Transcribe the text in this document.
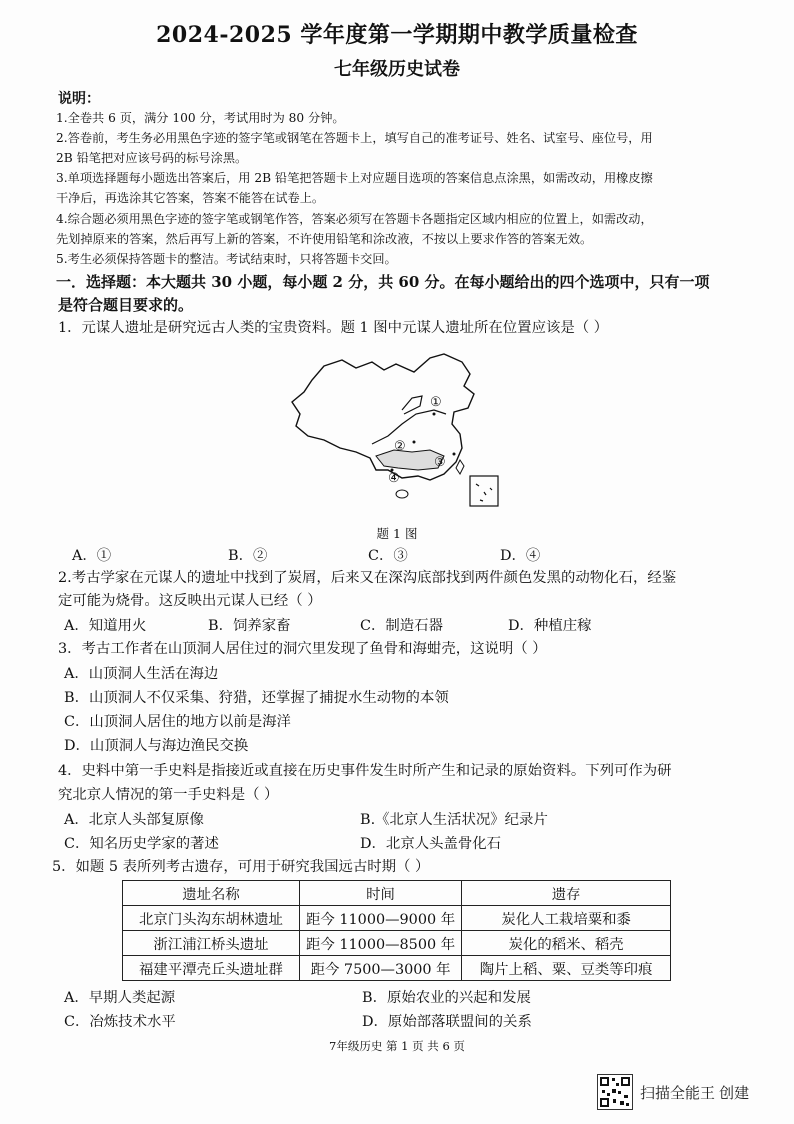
2024-2025 学年度第一学期期中教学质量检查
七年级历史试卷
说明：
1.全卷共 6 页，满分 100 分，考试用时为 80 分钟。
2.答卷前，考生务必用黑色字迹的签字笔或钢笔在答题卡上，填写自己的准考证号、姓名、试室号、座位号，用
2B 铅笔把对应该号码的标号涂黑。
3.单项选择题每小题选出答案后，用 2B 铅笔把答题卡上对应题目选项的答案信息点涂黑，如需改动，用橡皮擦
干净后，再选涂其它答案，答案不能答在试卷上。
4.综合题必须用黑色字迹的签字笔或钢笔作答，答案必须写在答题卡各题指定区域内相应的位置上，如需改动，
先划掉原来的答案，然后再写上新的答案，不许使用铅笔和涂改液，不按以上要求作答的答案无效。
5.考生必须保持答题卡的整洁。考试结束时，只将答题卡交回。
一．选择题：本大题共 30 小题，每小题 2 分，共 60 分。在每小题给出的四个选项中，只有一项
是符合题目要求的。
1．元谋人遗址是研究远古人类的宝贵资料。题 1 图中元谋人遗址所在位置应该是（ ）
①
②
③
④
题 1 图
A．①	B．②	C．③	D．④
2.考古学家在元谋人的遗址中找到了炭屑，后来又在深沟底部找到两件颜色发黑的动物化石，经鉴
定可能为烧骨。这反映出元谋人已经（ ）
A．知道用火	B．饲养家畜	C．制造石器	D．种植庄稼
3．考古工作者在山顶洞人居住过的洞穴里发现了鱼骨和海蚶壳，这说明（ ）
A．山顶洞人生活在海边
B．山顶洞人不仅采集、狩猎，还掌握了捕捉水生动物的本领
C．山顶洞人居住的地方以前是海洋
D．山顶洞人与海边渔民交换
4．史料中第一手史料是指接近或直接在历史事件发生时所产生和记录的原始资料。下列可作为研
究北京人情况的第一手史料是（ ）
A．北京人头部复原像	B.《北京人生活状况》纪录片
C．知名历史学家的著述	D．北京人头盖骨化石
5．如题 5 表所列考古遗存，可用于研究我国远古时期（ ）
遗址名称	时间	遗存
北京门头沟东胡林遗址	距今 11000—9000 年	炭化人工栽培粟和黍
浙江浦江桥头遗址	距今 11000—8500 年	炭化的稻米、稻壳
福建平潭壳丘头遗址群	距今 7500—3000 年	陶片上稻、粟、豆类等印痕
A．早期人类起源	B．原始农业的兴起和发展
C．冶炼技术水平	D．原始部落联盟间的关系
7年级历史 第 1 页 共 6 页
扫描全能王 创建
